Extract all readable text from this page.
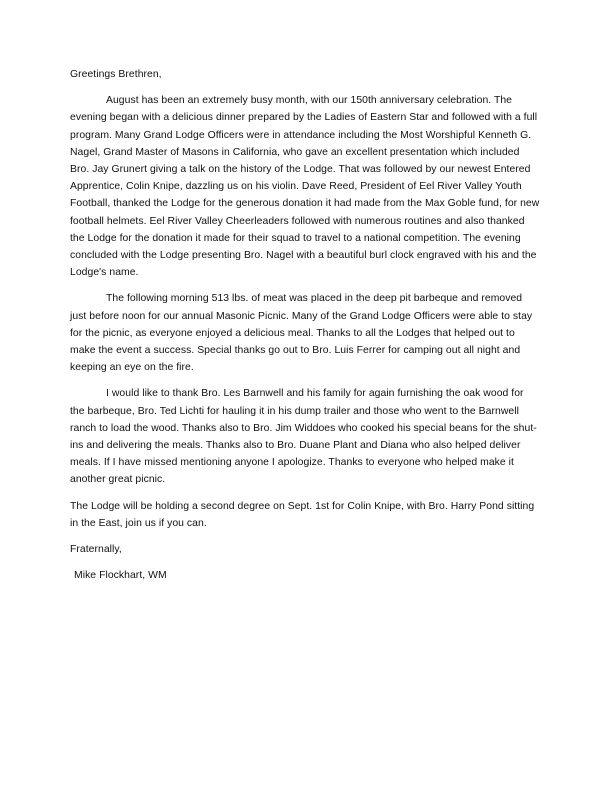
Greetings Brethren,

August has been an extremely busy month, with our 150th anniversary celebration. The evening began with a delicious dinner prepared by the Ladies of Eastern Star and followed with a full program. Many Grand Lodge Officers were in attendance including the Most Worshipful Kenneth G. Nagel, Grand Master of Masons in California, who gave an excellent presentation which included Bro. Jay Grunert giving a talk on the history of the Lodge. That was followed by our newest Entered Apprentice, Colin Knipe, dazzling us on his violin. Dave Reed, President of Eel River Valley Youth Football, thanked the Lodge for the generous donation it had made from the Max Goble fund, for new football helmets. Eel River Valley Cheerleaders followed with numerous routines and also thanked the Lodge for the donation it made for their squad to travel to a national competition. The evening concluded with the Lodge presenting Bro. Nagel with a beautiful burl clock engraved with his and the Lodge's name.

The following morning 513 lbs. of meat was placed in the deep pit barbeque and removed just before noon for our annual Masonic Picnic. Many of the Grand Lodge Officers were able to stay for the picnic, as everyone enjoyed a delicious meal. Thanks to all the Lodges that helped out to make the event a success. Special thanks go out to Bro. Luis Ferrer for camping out all night and keeping an eye on the fire.

I would like to thank Bro. Les Barnwell and his family for again furnishing the oak wood for the barbeque, Bro. Ted Lichti for hauling it in his dump trailer and those who went to the Barnwell ranch to load the wood. Thanks also to Bro. Jim Widdoes who cooked his special beans for the shut-ins and delivering the meals. Thanks also to Bro. Duane Plant and Diana who also helped deliver meals. If I have missed mentioning anyone I apologize. Thanks to everyone who helped make it another great picnic.

The Lodge will be holding a second degree on Sept. 1st for Colin Knipe, with Bro. Harry Pond sitting in the East, join us if you can.

Fraternally,

Mike Flockhart, WM
